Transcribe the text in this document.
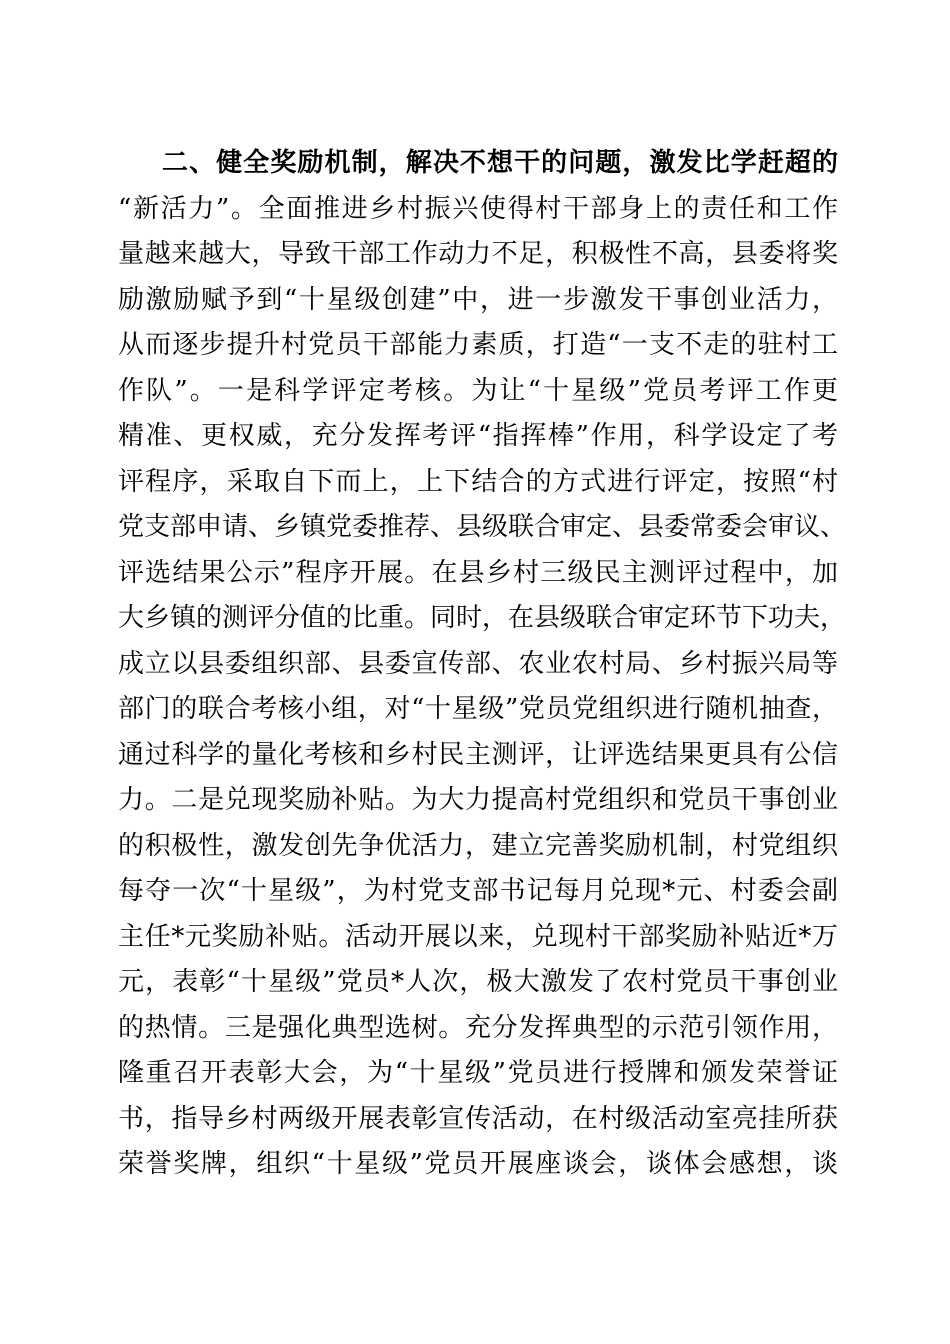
二、健全奖励机制，解决不想干的问题，激发比学赶超的
“新活力”。全面推进乡村振兴使得村干部身上的责任和工作
量越来越大，导致干部工作动力不足，积极性不高，县委将奖
励激励赋予到“十星级创建”中，进一步激发干事创业活力，
从而逐步提升村党员干部能力素质，打造“一支不走的驻村工
作队”。一是科学评定考核。为让“十星级”党员考评工作更
精准、更权威，充分发挥考评“指挥棒”作用，科学设定了考
评程序，采取自下而上，上下结合的方式进行评定，按照“村
党支部申请、乡镇党委推荐、县级联合审定、县委常委会审议、
评选结果公示”程序开展。在县乡村三级民主测评过程中，加
大乡镇的测评分值的比重。同时，在县级联合审定环节下功夫，
成立以县委组织部、县委宣传部、农业农村局、乡村振兴局等
部门的联合考核小组，对“十星级”党员党组织进行随机抽查，
通过科学的量化考核和乡村民主测评，让评选结果更具有公信
力。二是兑现奖励补贴。为大力提高村党组织和党员干事创业
的积极性，激发创先争优活力，建立完善奖励机制，村党组织
每夺一次“十星级”，为村党支部书记每月兑现*元、村委会副
主任*元奖励补贴。活动开展以来，兑现村干部奖励补贴近*万
元，表彰“十星级”党员*人次，极大激发了农村党员干事创业
的热情。三是强化典型选树。充分发挥典型的示范引领作用，
隆重召开表彰大会，为“十星级”党员进行授牌和颁发荣誉证
书，指导乡村两级开展表彰宣传活动，在村级活动室亮挂所获
荣誉奖牌，组织“十星级”党员开展座谈会，谈体会感想，谈
